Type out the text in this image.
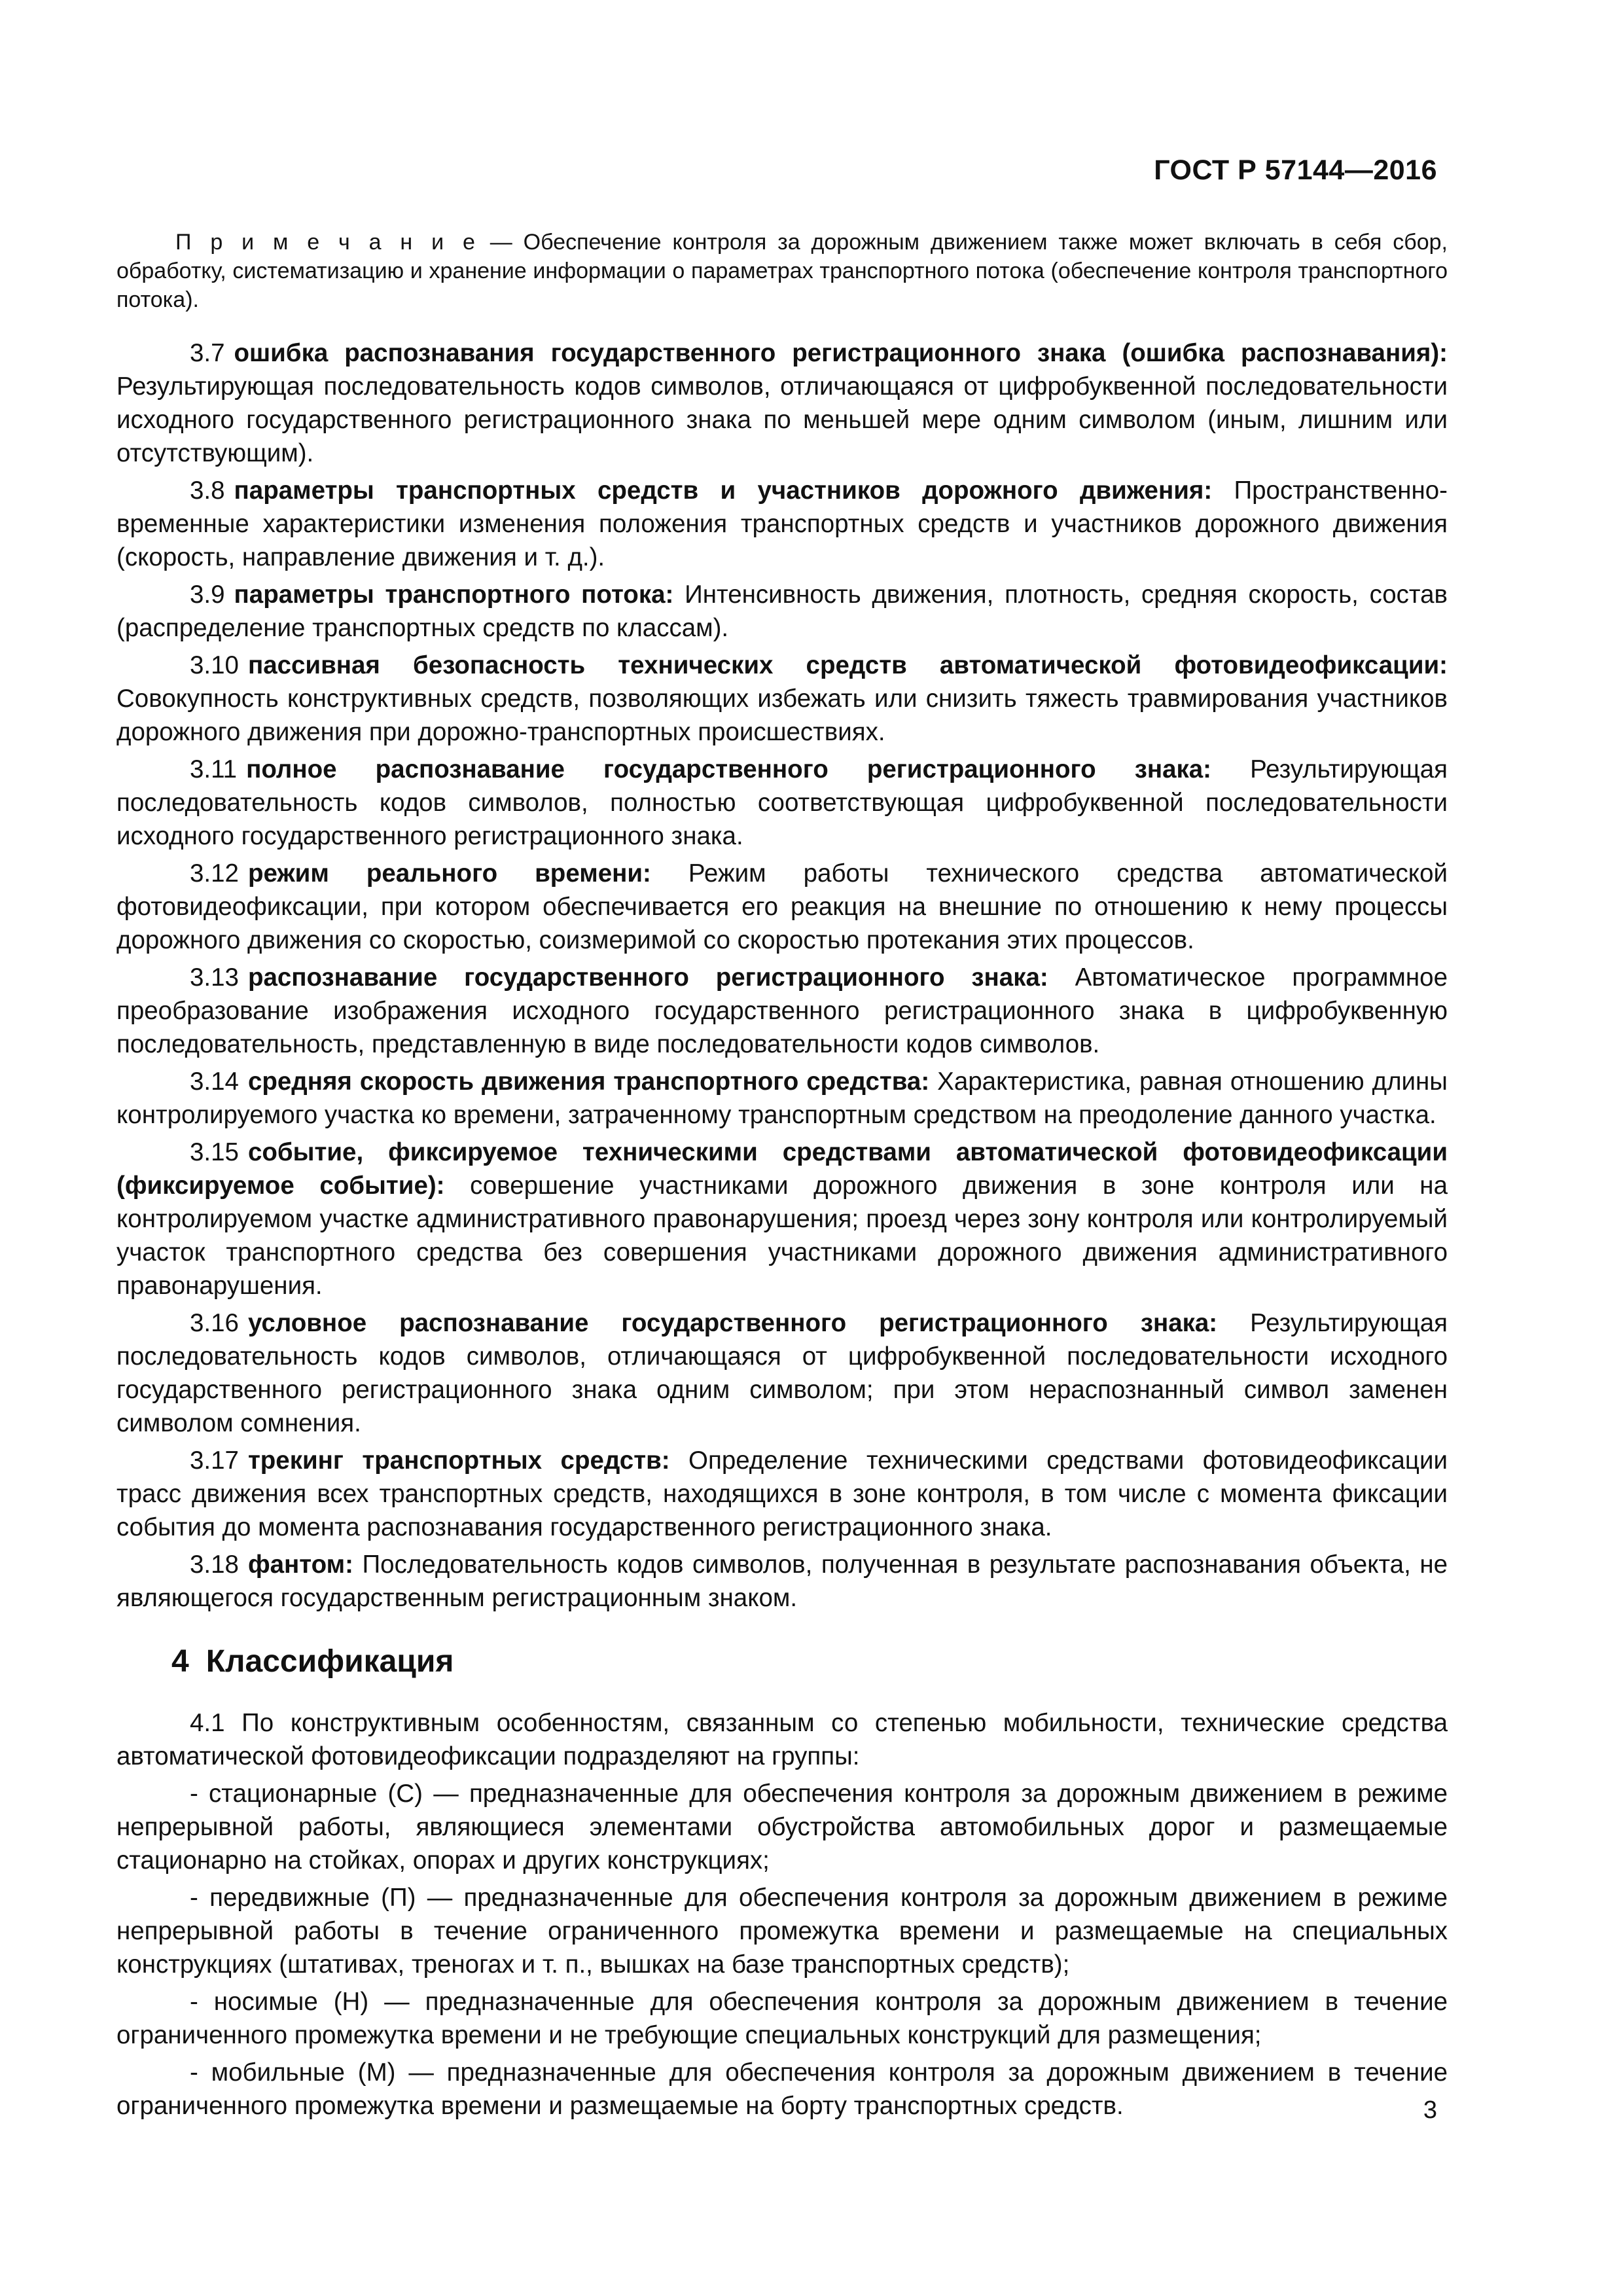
ГОСТ Р 57144—2016

П р и м е ч а н и е — Обеспечение контроля за дорожным движением также может включать в себя сбор, обработку, систематизацию и хранение информации о параметрах транспортного потока (обеспечение контроля транспортного потока).

3.7 ошибка распознавания государственного регистрационного знака (ошибка распознавания): Результирующая последовательность кодов символов, отличающаяся от цифробуквенной последовательности исходного государственного регистрационного знака по меньшей мере одним символом (иным, лишним или отсутствующим).

3.8 параметры транспортных средств и участников дорожного движения: Пространственно-временные характеристики изменения положения транспортных средств и участников дорожного движения (скорость, направление движения и т. д.).

3.9 параметры транспортного потока: Интенсивность движения, плотность, средняя скорость, состав (распределение транспортных средств по классам).

3.10 пассивная безопасность технических средств автоматической фотовидеофиксации: Совокупность конструктивных средств, позволяющих избежать или снизить тяжесть травмирования участников дорожного движения при дорожно-транспортных происшествиях.

3.11 полное распознавание государственного регистрационного знака: Результирующая последовательность кодов символов, полностью соответствующая цифробуквенной последовательности исходного государственного регистрационного знака.

3.12 режим реального времени: Режим работы технического средства автоматической фотовидеофиксации, при котором обеспечивается его реакция на внешние по отношению к нему процессы дорожного движения со скоростью, соизмеримой со скоростью протекания этих процессов.

3.13 распознавание государственного регистрационного знака: Автоматическое программное преобразование изображения исходного государственного регистрационного знака в цифробуквенную последовательность, представленную в виде последовательности кодов символов.

3.14 средняя скорость движения транспортного средства: Характеристика, равная отношению длины контролируемого участка ко времени, затраченному транспортным средством на преодоление данного участка.

3.15 событие, фиксируемое техническими средствами автоматической фотовидеофиксации (фиксируемое событие): совершение участниками дорожного движения в зоне контроля или на контролируемом участке административного правонарушения; проезд через зону контроля или контролируемый участок транспортного средства без совершения участниками дорожного движения административного правонарушения.

3.16 условное распознавание государственного регистрационного знака: Результирующая последовательность кодов символов, отличающаяся от цифробуквенной последовательности исходного государственного регистрационного знака одним символом; при этом нераспознанный символ заменен символом сомнения.

3.17 трекинг транспортных средств: Определение техническими средствами фотовидеофиксации трасс движения всех транспортных средств, находящихся в зоне контроля, в том числе с момента фиксации события до момента распознавания государственного регистрационного знака.

3.18 фантом: Последовательность кодов символов, полученная в результате распознавания объекта, не являющегося государственным регистрационным знаком.

4 Классификация

4.1 По конструктивным особенностям, связанным со степенью мобильности, технические средства автоматической фотовидеофиксации подразделяют на группы:

- стационарные (С) — предназначенные для обеспечения контроля за дорожным движением в режиме непрерывной работы, являющиеся элементами обустройства автомобильных дорог и размещаемые стационарно на стойках, опорах и других конструкциях;

- передвижные (П) — предназначенные для обеспечения контроля за дорожным движением в режиме непрерывной работы в течение ограниченного промежутка времени и размещаемые на специальных конструкциях (штативах, треногах и т. п., вышках на базе транспортных средств);

- носимые (Н) — предназначенные для обеспечения контроля за дорожным движением в течение ограниченного промежутка времени и не требующие специальных конструкций для размещения;

- мобильные (М) — предназначенные для обеспечения контроля за дорожным движением в течение ограниченного промежутка времени и размещаемые на борту транспортных средств.	3
